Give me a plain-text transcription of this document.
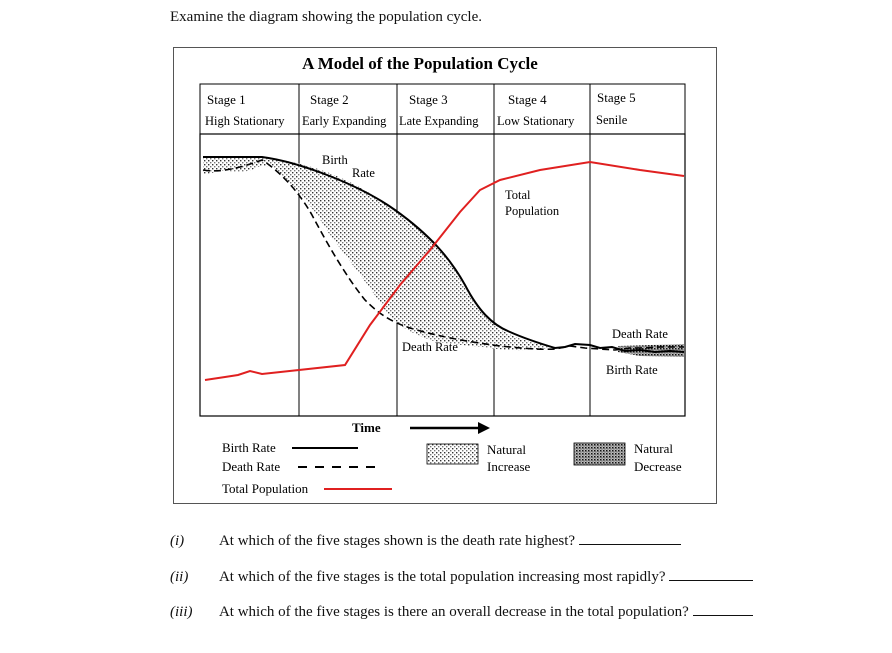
Examine the diagram showing the population cycle.
A Model of the Population Cycle
Stage 1
High Stationary
Stage 2
Early Expanding
Stage 3
Late Expanding
Stage 4
Low Stationary
Stage 5
Senile
Birth
Rate
Total
Population
Death Rate
Death Rate
Birth Rate
Time
Birth Rate
Death Rate
Total Population
Natural
Increase
Natural
Decrease
(i) At which of the five stages shown is the death rate highest?
(ii) At which of the five stages is the total population increasing most rapidly?
(iii) At which of the five stages is there an overall decrease in the total population?
